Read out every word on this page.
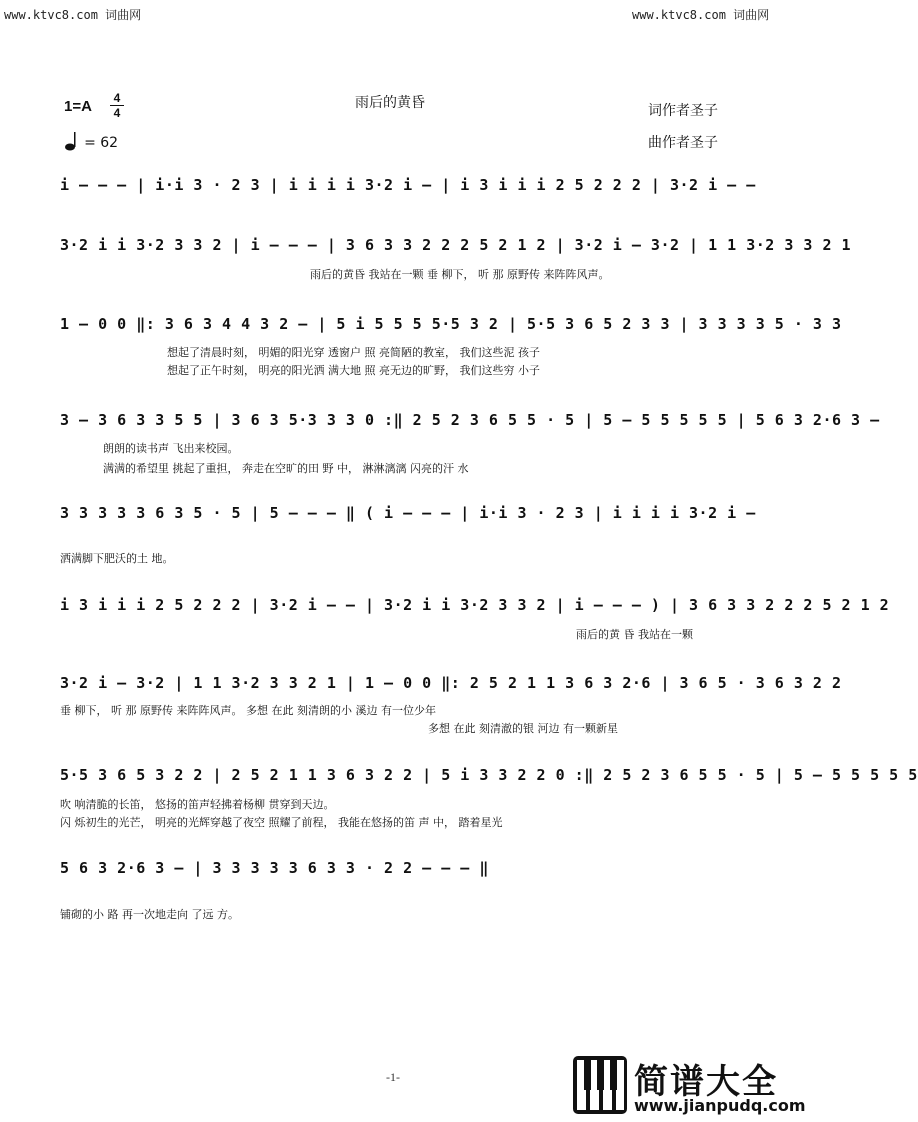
www.ktvc8.com 词曲网	www.ktvc8.com 词曲网
雨后的黄昏
1=A	4
4	词作者圣子
曲作者圣子
= 62
i – – – | i·i 3 · 2 3 | i i i i 3·2 i – | i 3 i i i 2 5 2 2 2 | 3·2 i – –
3·2 i i 3·2 3 3 2 | i – – – | 3 6 3 3 2 2 2 5 2 1 2 | 3·2 i – 3·2 | 1 1 3·2 3 3 2 1
雨后的黄昏 我站在一颗 垂 柳下， 听 那 原野传 来阵阵风声。
1 – 0 0 ‖: 3 6 3 4 4 3 2 – | 5 i 5 5 5 5·5 3 2 | 5·5 3 6 5 2 3 3 | 3 3 3 3 5 · 3 3
想起了清晨时刻， 明媚的阳光穿 透窗户 照 亮简陋的教室， 我们这些泥 孩子
想起了正午时刻， 明亮的阳光洒 满大地 照 亮无边的旷野， 我们这些穷 小子
3 – 3 6 3 3 5 5 | 3 6 3 5·3 3 3 0 :‖ 2 5 2 3 6 5 5 · 5 | 5 – 5 5 5 5 5 | 5 6 3 2·6 3 –
朗朗的读书声 飞出来校园。
满满的希望里 挑起了重担， 奔走在空旷的田 野 中， 淋淋漓漓 闪亮的汗 水
3 3 3 3 3 6 3 5 · 5 | 5 – – – ‖ ( i – – – | i·i 3 · 2 3 | i i i i 3·2 i –
洒满脚下肥沃的土 地。
i 3 i i i 2 5 2 2 2 | 3·2 i – – | 3·2 i i 3·2 3 3 2 | i – – – ) | 3 6 3 3 2 2 2 5 2 1 2
雨后的黄 昏 我站在一颗
3·2 i – 3·2 | 1 1 3·2 3 3 2 1 | 1 – 0 0 ‖: 2 5 2 1 1 3 6 3 2·6 | 3 6 5 · 3 6 3 2 2
垂 柳下， 听 那 原野传 来阵阵风声。 多想 在此 刻清朗的小 溪边 有一位少年
多想 在此 刻清澈的银 河边 有一颗新星
5·5 3 6 5 3 2 2 | 2 5 2 1 1 3 6 3 2 2 | 5 i 3 3 2 2 0 :‖ 2 5 2 3 6 5 5 · 5 | 5 – 5 5 5 5 5
吹 响清脆的长笛， 悠扬的笛声轻拂着杨柳 贯穿到天边。
闪 烁初生的光芒， 明亮的光辉穿越了夜空 照耀了前程， 我能在悠扬的笛 声 中， 踏着星光
5 6 3 2·6 3 – | 3 3 3 3 3 6 3 3 · 2 2 – – – ‖
铺砌的小 路 再一次地走向 了远 方。
-1-	简谱大全
www.jianpudq.com
